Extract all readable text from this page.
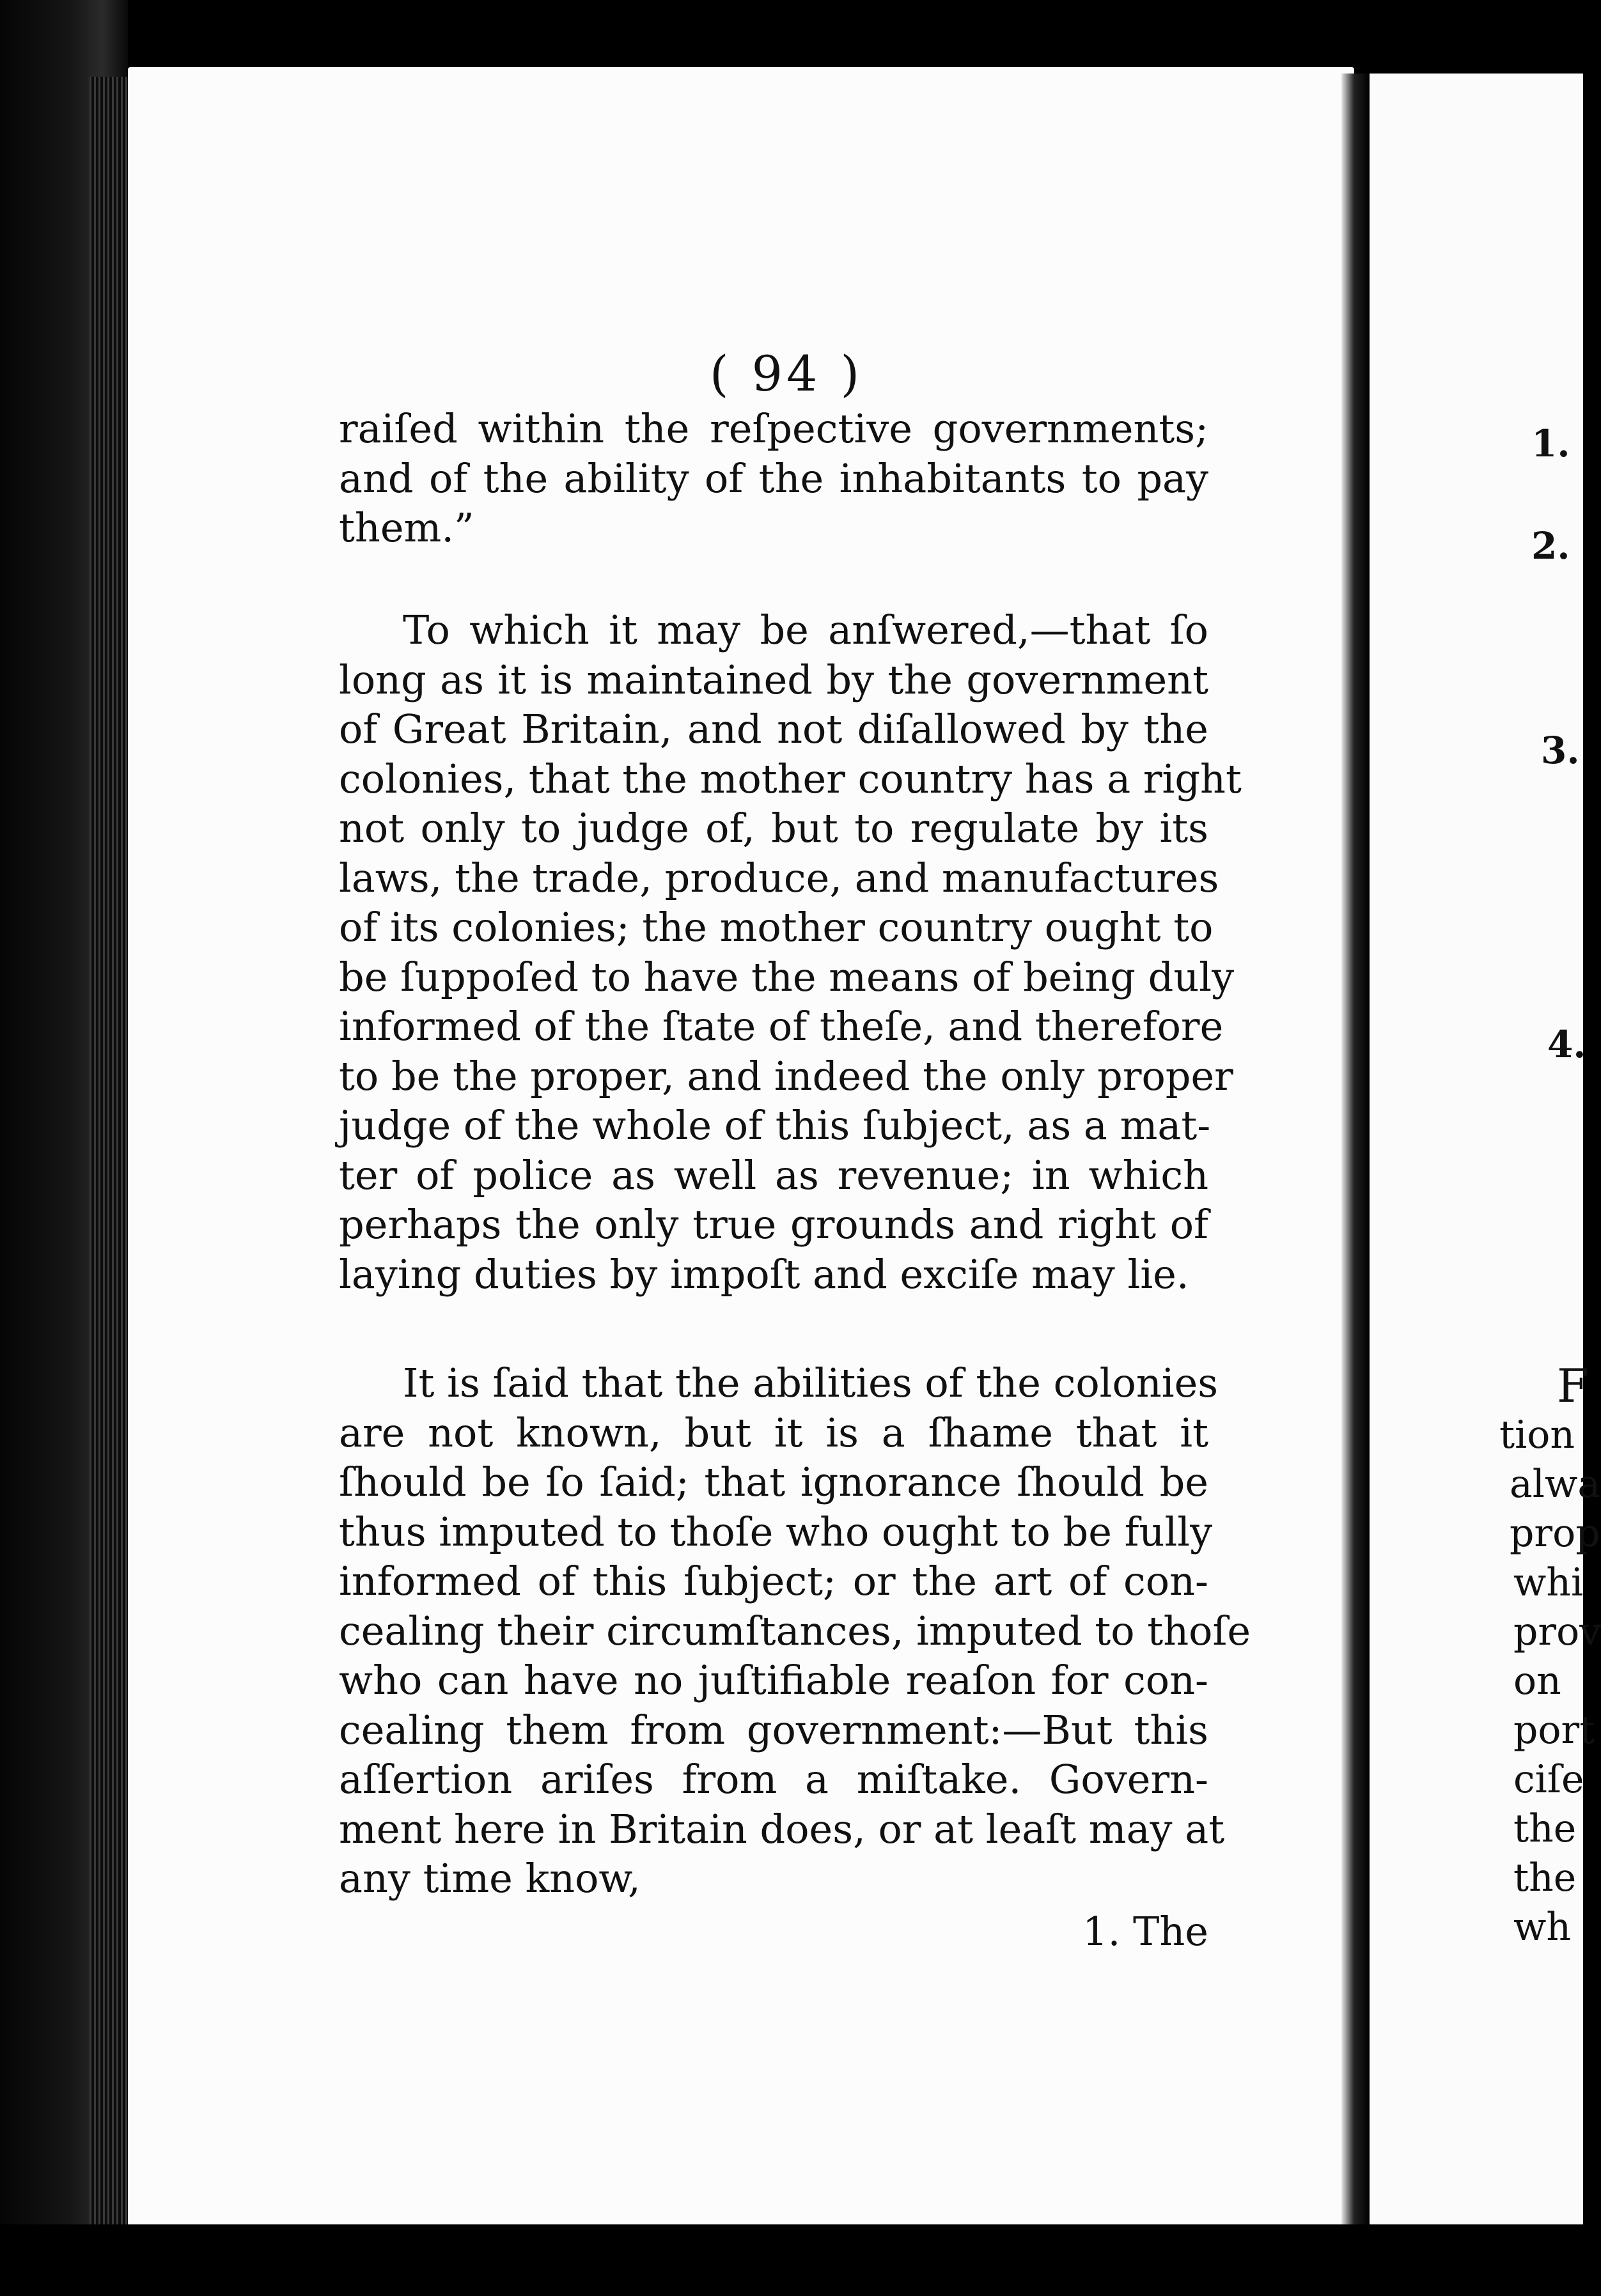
( 94 )
raiſed within the reſpective governments;
and of the ability of the inhabitants to pay
them.”
To which it may be anſwered,—that ſo
long as it is maintained by the government
of Great Britain, and not diſallowed by the
colonies, that the mother country has a right
not only to judge of, but to regulate by its
laws, the trade, produce, and manufactures
of its colonies; the mother country ought to
be ſuppoſed to have the means of being duly
informed of the ſtate of theſe, and therefore
to be the proper, and indeed the only proper
judge of the whole of this ſubject, as a mat-
ter of police as well as revenue; in which
perhaps the only true grounds and right of
laying duties by impoſt and exciſe may lie.
It is ſaid that the abilities of the colonies
are not known, but it is a ſhame that it
ſhould be ſo ſaid; that ignorance ſhould be
thus imputed to thoſe who ought to be fully
informed of this ſubject; or the art of con-
cealing their circumſtances, imputed to thoſe
who can have no juſtifiable reaſon for con-
cealing them from government:—But this
aſſertion ariſes from a miſtake. Govern-
ment here in Britain does, or at leaſt may at
any time know,
1. The
1.
2.
3.
4.
F
tion
alwa
prop
whi
prov
on
port
ciſe
the
the
wh
